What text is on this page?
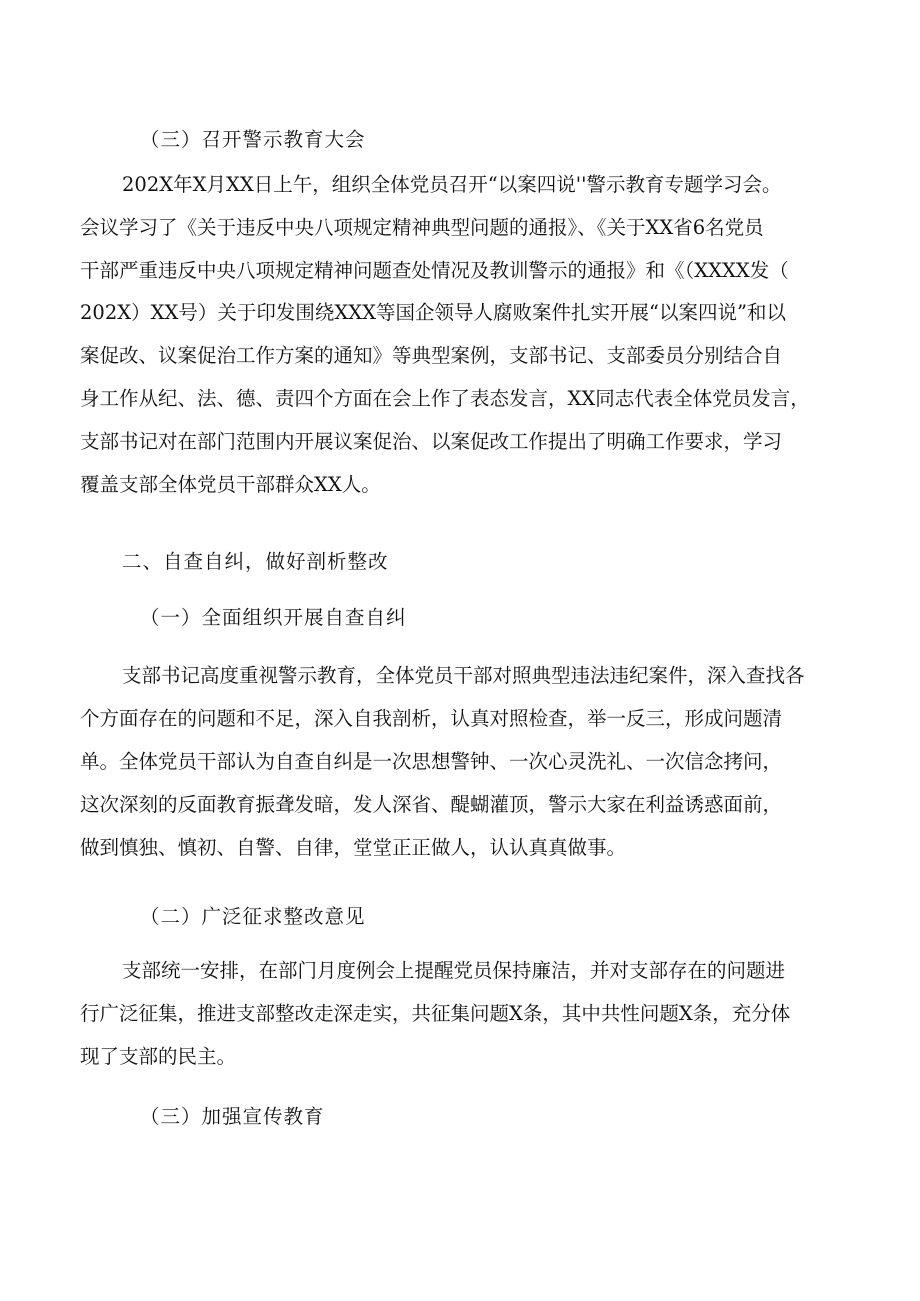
（三）召开警示教育大会
202X年X月XX日上午，组织全体党员召开“以案四说''警示教育专题学习会。
会议学习了《关于违反中央八项规定精神典型问题的通报》、《关于XX省6名党员
干部严重违反中央八项规定精神问题查处情况及教训警示的通报》和《（XXXX发（
202X）XX号）关于印发围绕XXX等国企领导人腐败案件扎实开展“以案四说”和以
案促改、议案促治工作方案的通知》等典型案例，支部书记、支部委员分别结合自
身工作从纪、法、德、责四个方面在会上作了表态发言，XX同志代表全体党员发言，
支部书记对在部门范围内开展议案促治、以案促改工作提出了明确工作要求，学习
覆盖支部全体党员干部群众XX人。
二、自查自纠，做好剖析整改
（一）全面组织开展自查自纠
支部书记高度重视警示教育，全体党员干部对照典型违法违纪案件，深入查找各
个方面存在的问题和不足，深入自我剖析，认真对照检查，举一反三，形成问题清
单。全体党员干部认为自查自纠是一次思想警钟、一次心灵洗礼、一次信念拷问，
这次深刻的反面教育振聋发暗，发人深省、醍蝴灌顶，警示大家在利益诱惑面前，
做到慎独、慎初、自警、自律，堂堂正正做人，认认真真做事。
（二）广泛征求整改意见
支部统一安排，在部门月度例会上提醒党员保持廉洁，并对支部存在的问题进
行广泛征集，推进支部整改走深走实，共征集问题X条，其中共性问题X条，充分体
现了支部的民主。
（三）加强宣传教育
